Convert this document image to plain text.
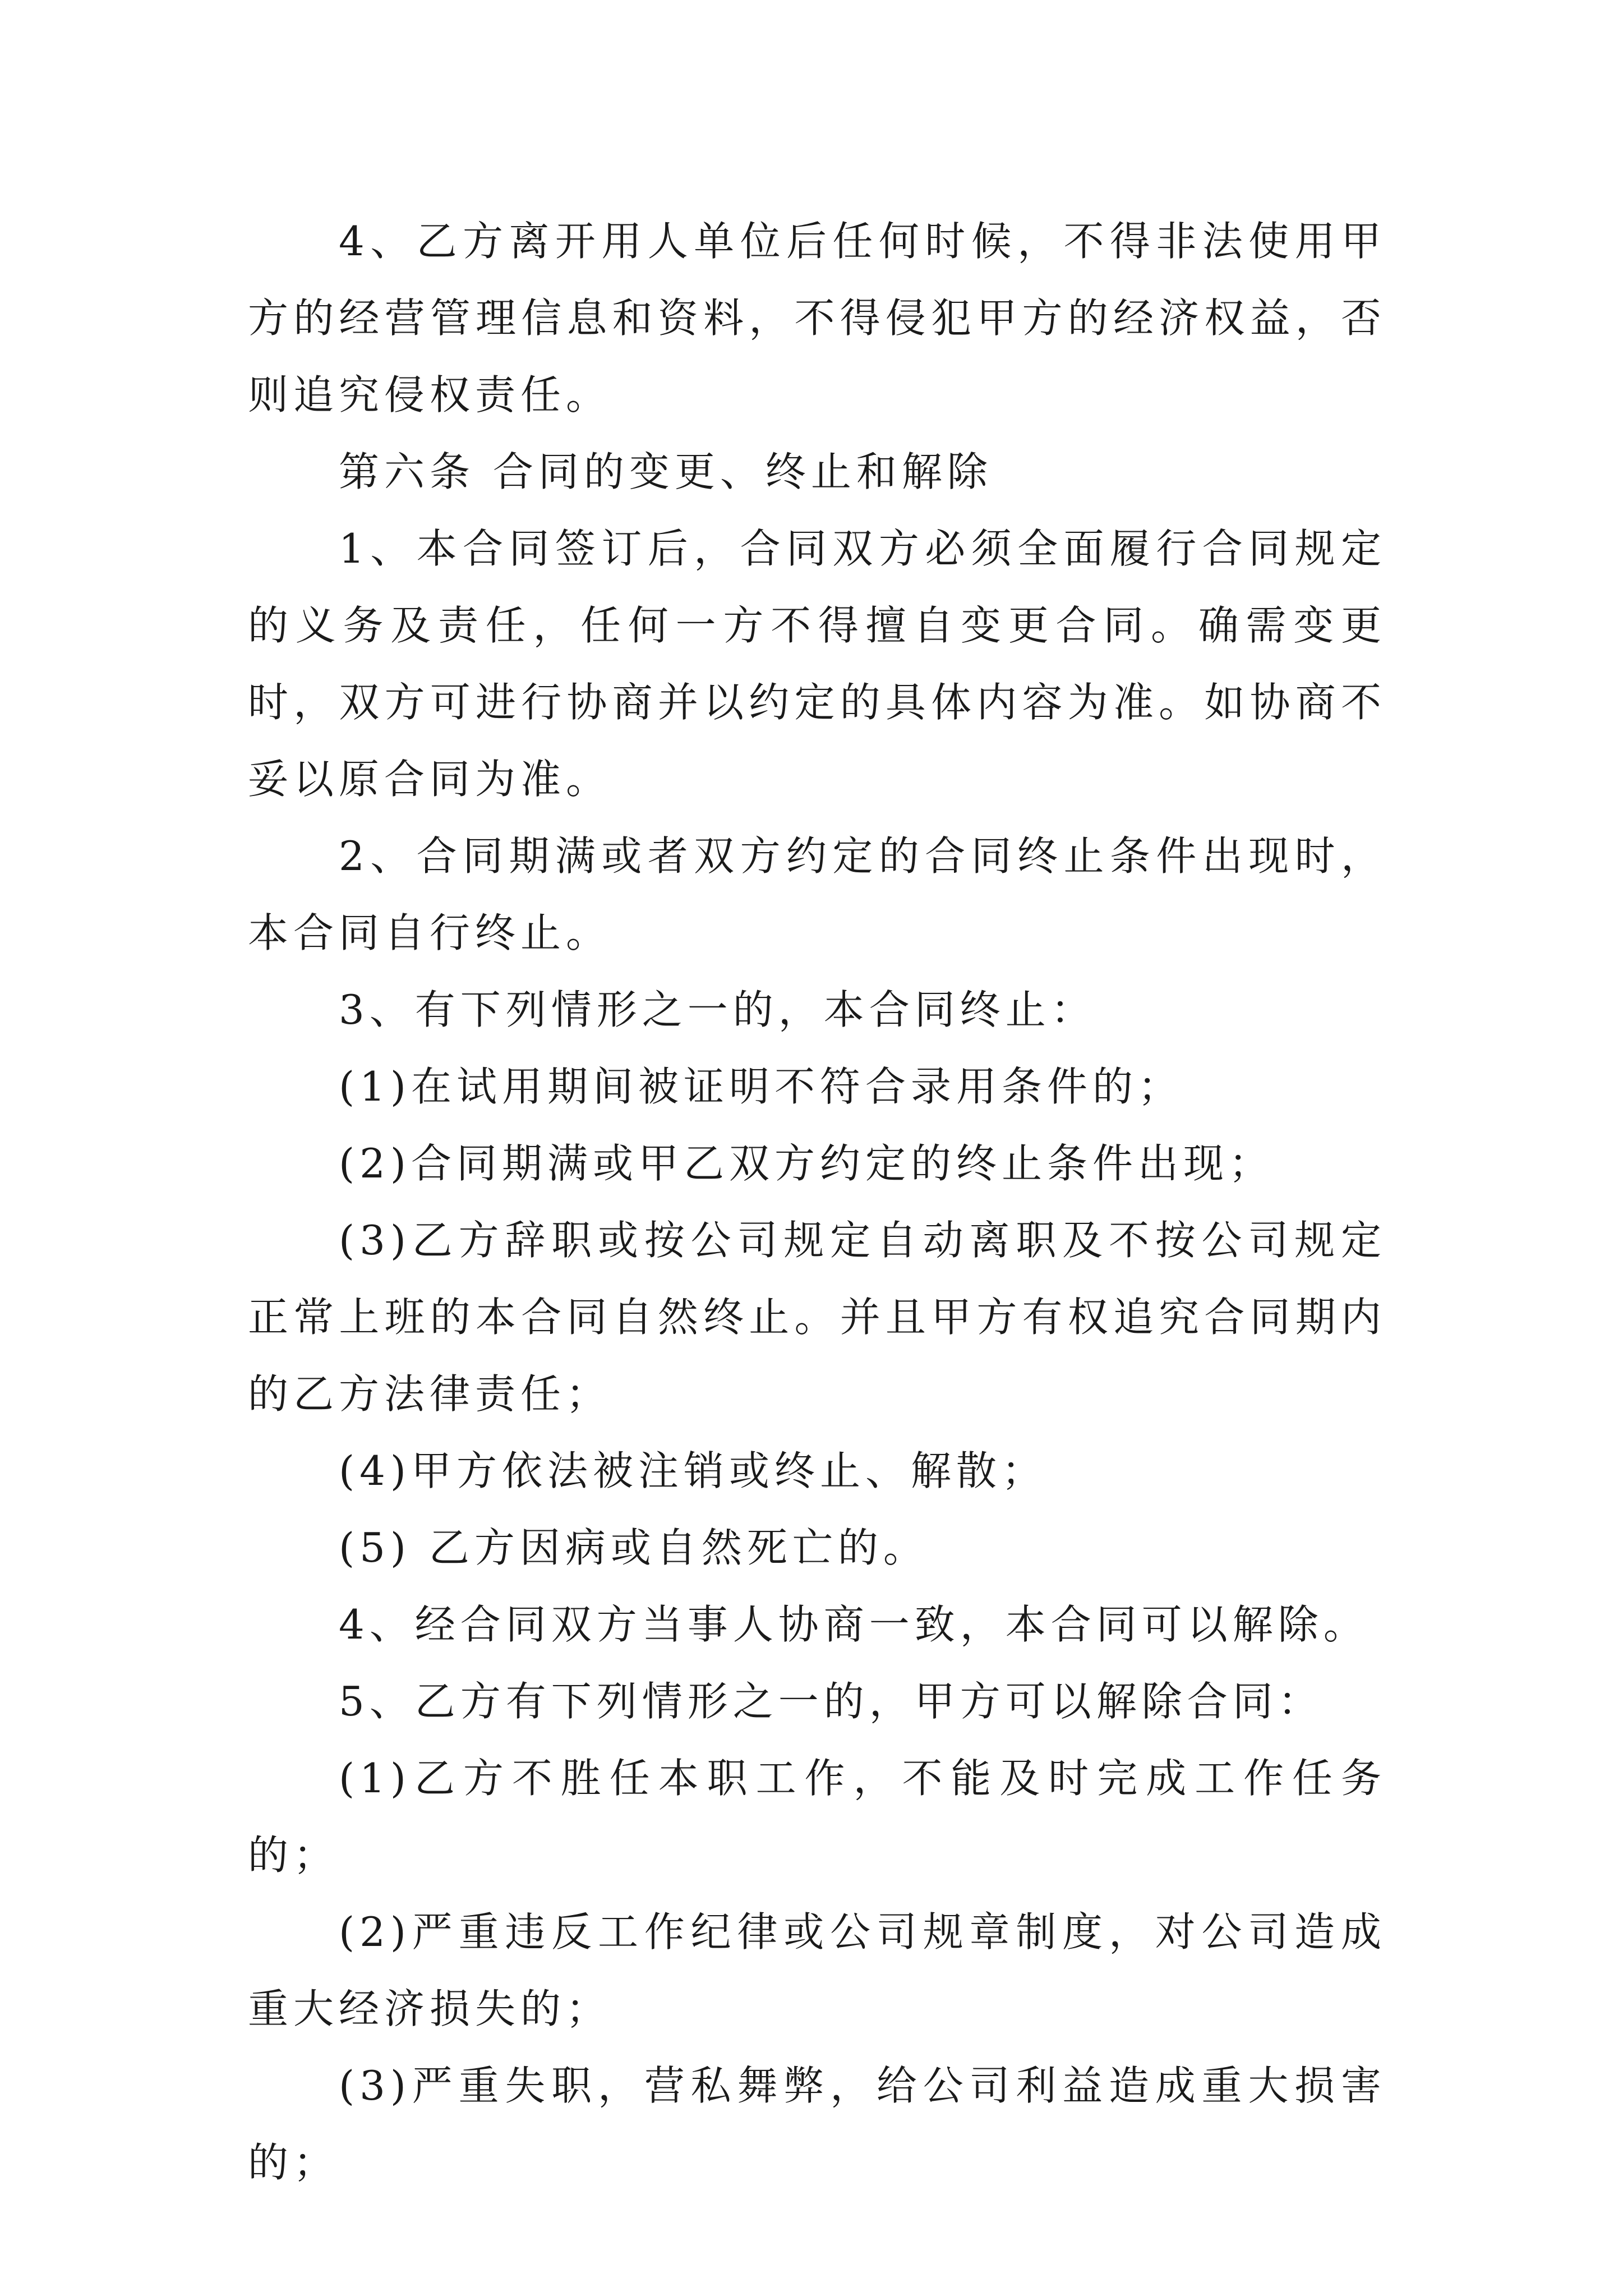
4、乙方离开用人单位后任何时候，不得非法使用甲方的经营管理信息和资料，不得侵犯甲方的经济权益，否则追究侵权责任。

第六条 合同的变更、终止和解除

1、本合同签订后，合同双方必须全面履行合同规定的义务及责任，任何一方不得擅自变更合同。确需变更时，双方可进行协商并以约定的具体内容为准。如协商不妥以原合同为准。

2、合同期满或者双方约定的合同终止条件出现时，本合同自行终止。

3、有下列情形之一的，本合同终止：

(1)在试用期间被证明不符合录用条件的；

(2)合同期满或甲乙双方约定的终止条件出现；

(3)乙方辞职或按公司规定自动离职及不按公司规定正常上班的本合同自然终止。并且甲方有权追究合同期内的乙方法律责任；

(4)甲方依法被注销或终止、解散；

(5) 乙方因病或自然死亡的。

4、经合同双方当事人协商一致，本合同可以解除。

5、乙方有下列情形之一的，甲方可以解除合同：

(1)乙方不胜任本职工作，不能及时完成工作任务的；

(2)严重违反工作纪律或公司规章制度，对公司造成重大经济损失的；

(3)严重失职，营私舞弊，给公司利益造成重大损害的；
